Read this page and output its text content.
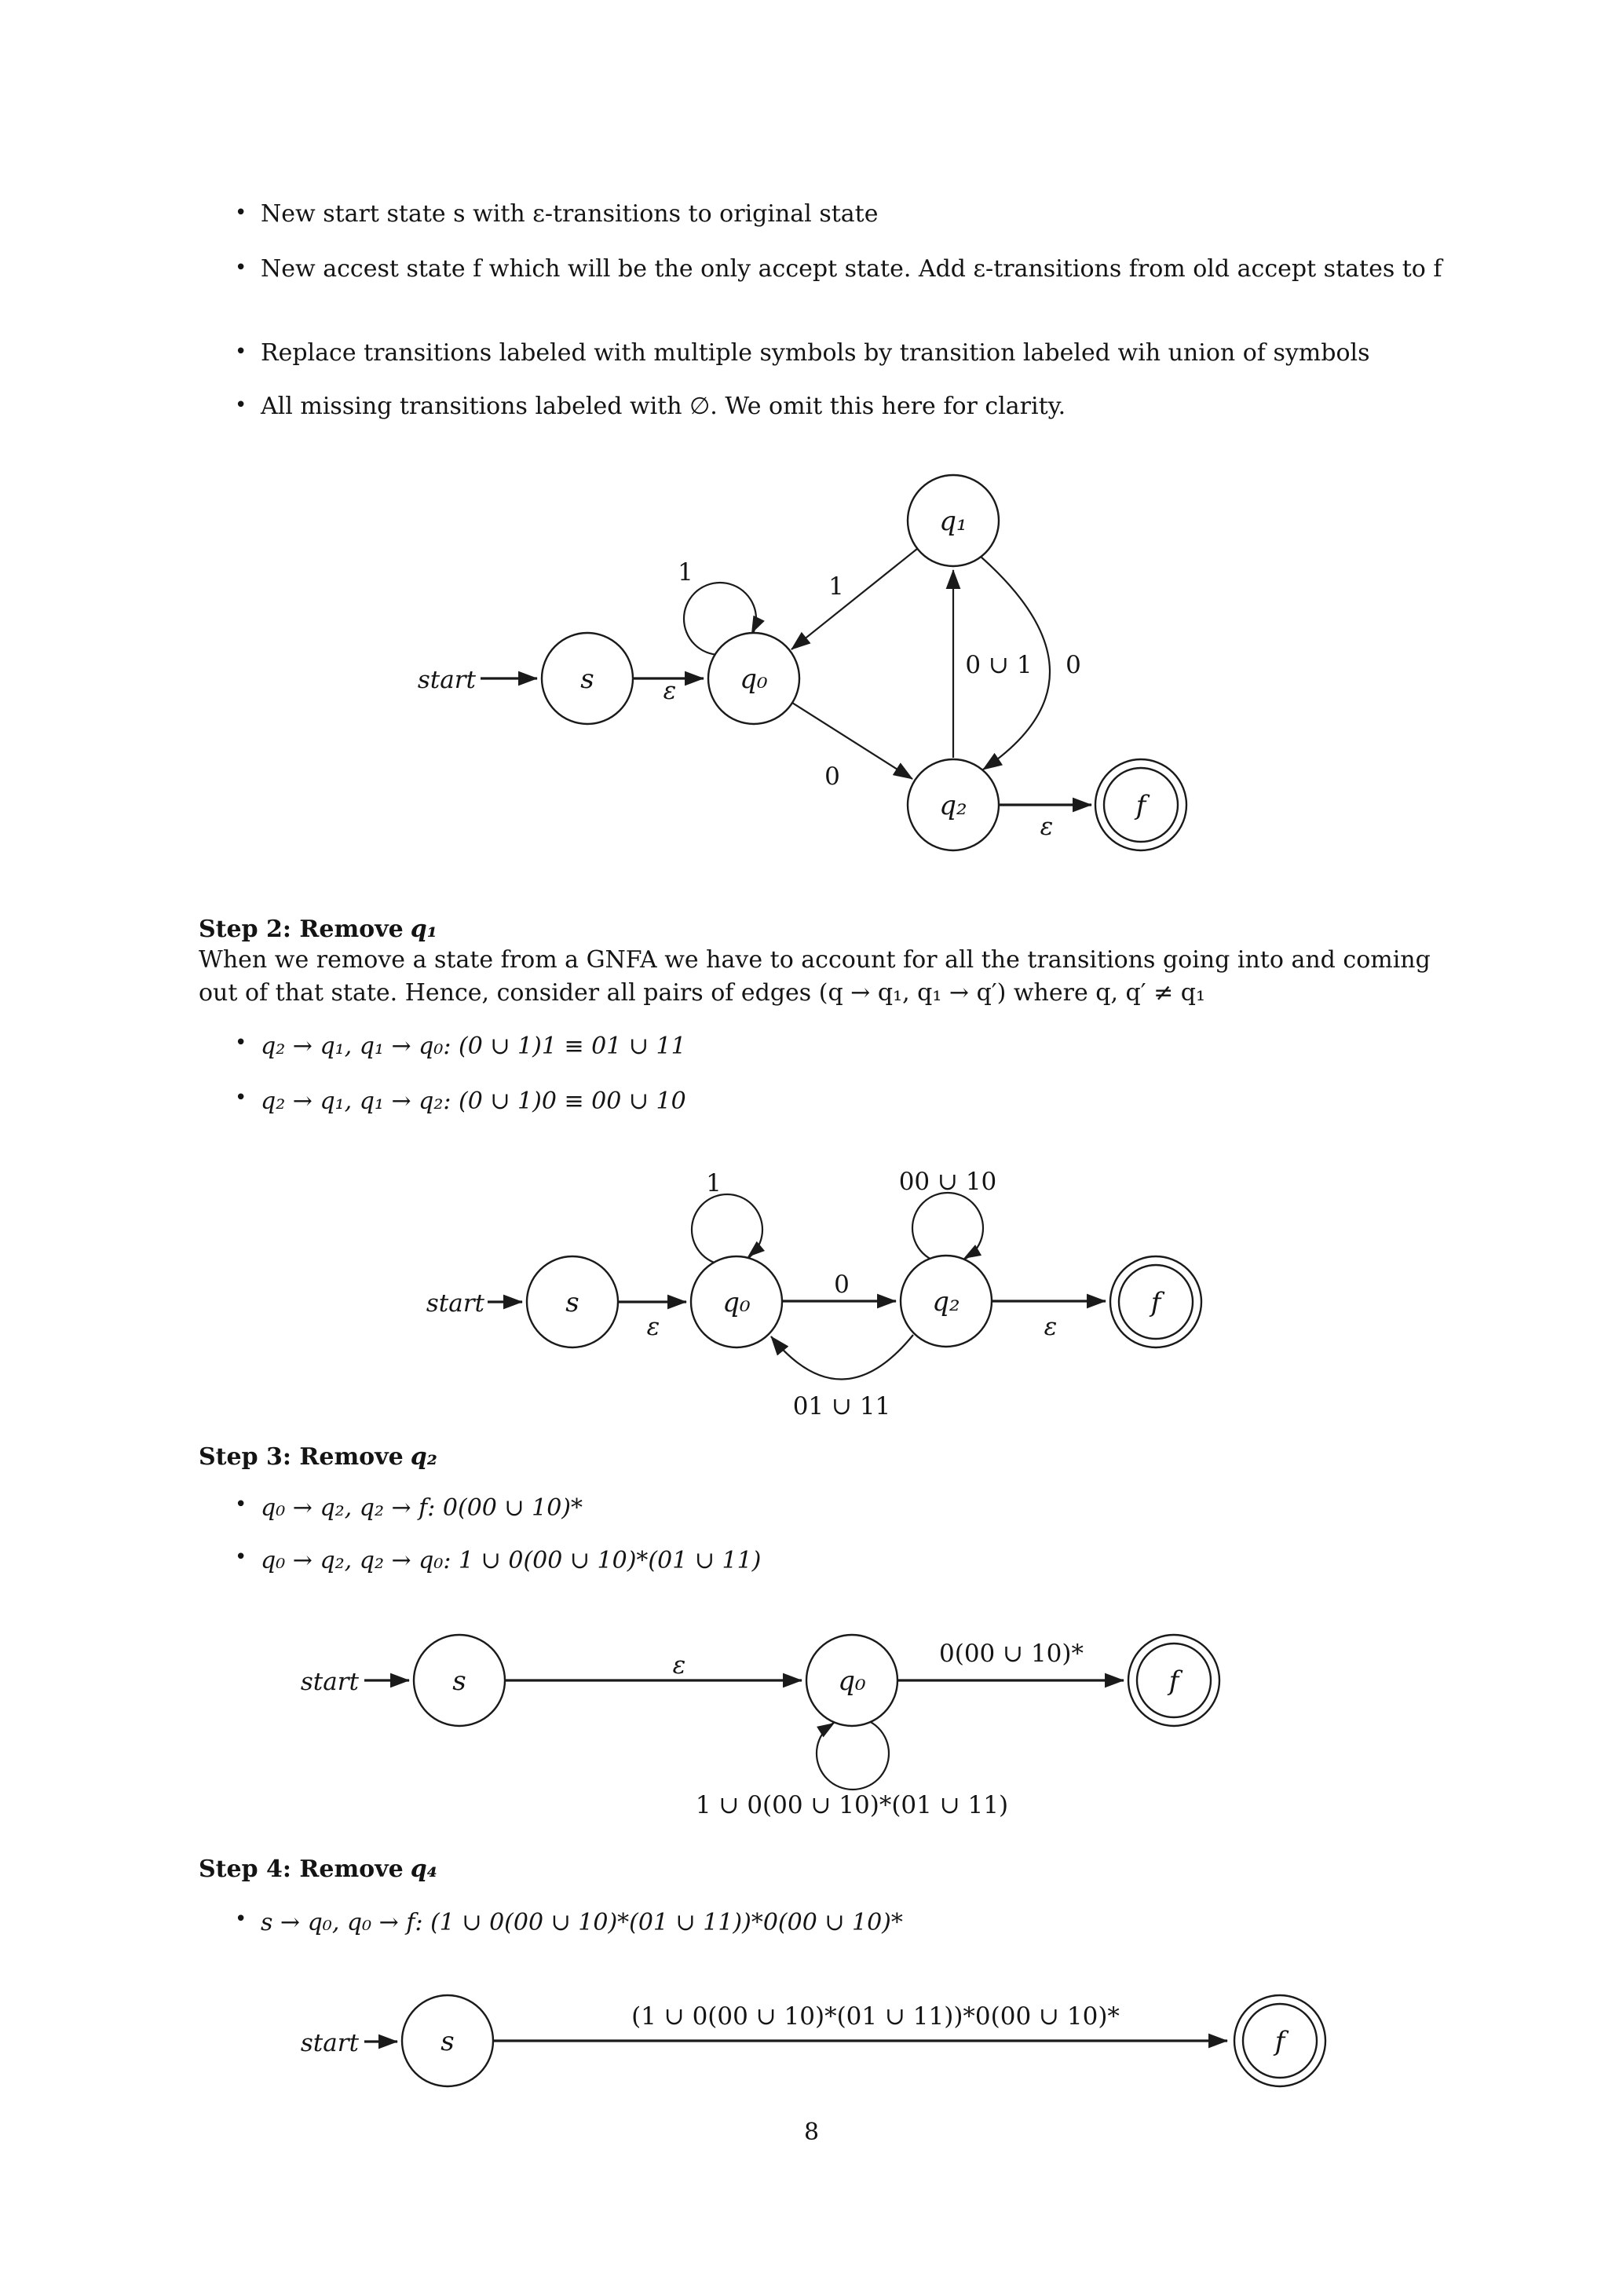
• New start state s with ε-transitions to original state
• New accest state f which will be the only accept state. Add ε-transitions from old accept states to f
• Replace transitions labeled with multiple symbols by transition labeled wih union of symbols
• All missing transitions labeled with ∅. We omit this here for clarity.
Step 2: Remove q₁
When we remove a state from a GNFA we have to account for all the transitions going into and coming out of that state. Hence, consider all pairs of edges (q → q₁, q₁ → q′) where q, q′ ≠ q₁
• q₂ → q₁, q₁ → q₀: (0 ∪ 1)1 ≡ 01 ∪ 11
• q₂ → q₁, q₁ → q₂: (0 ∪ 1)0 ≡ 00 ∪ 10
Step 3: Remove q₂
• q₀ → q₂, q₂ → f: 0(00 ∪ 10)*
• q₀ → q₂, q₂ → q₀: 1 ∪ 0(00 ∪ 10)*(01 ∪ 11)
Step 4: Remove q₄
• s → q₀, q₀ → f: (1 ∪ 0(00 ∪ 10)*(01 ∪ 11))*0(00 ∪ 10)*
8
start	s	q₀
q₁
q₂	f
ε
1	1
0
0 ∪ 1 0
ε
start	s	q₀	q₂	f
ε
1	00 ∪ 10
0
01 ∪ 11
ε
start	s	q₀	f
ε	0(00 ∪ 10)*
1 ∪ 0(00 ∪ 10)*(01 ∪ 11)
start	s	f
(1 ∪ 0(00 ∪ 10)*(01 ∪ 11))*0(00 ∪ 10)*
